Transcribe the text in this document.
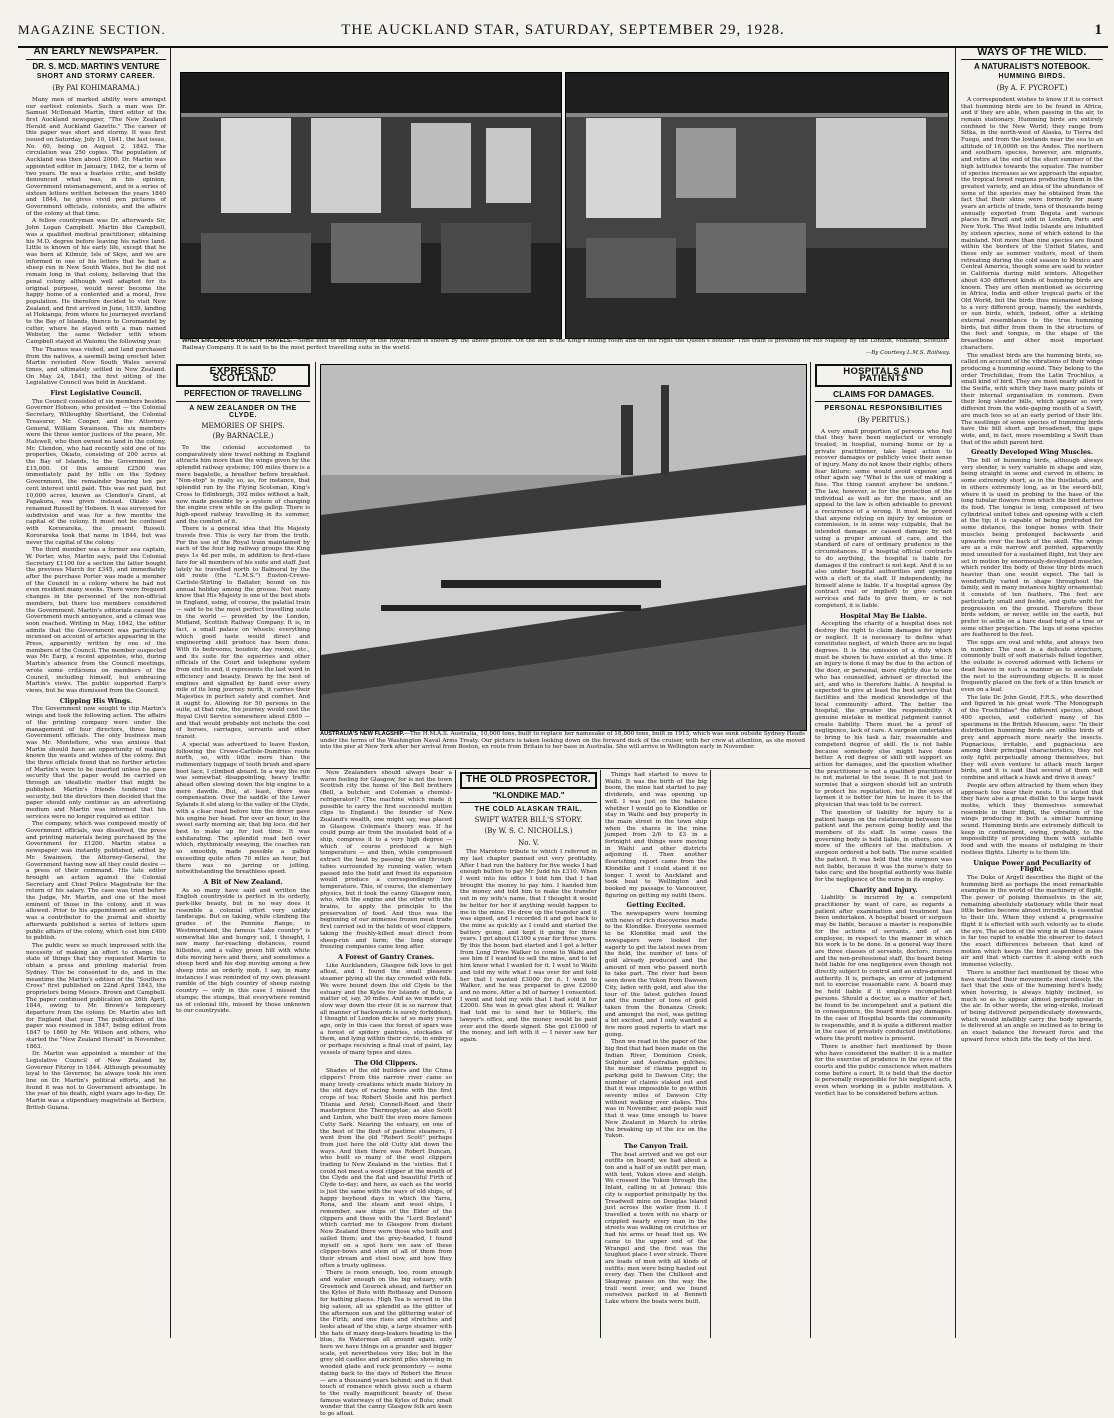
MAGAZINE SECTION.	THE AUCKLAND STAR, SATURDAY, SEPTEMBER 29, 1928.	1
AN EARLY NEWSPAPER.
DR. S. MCD. MARTIN'S VENTURE
SHORT AND STORMY CAREER.
(By PAI KOHIMARAMA.)

Many men of marked ability were amongst our earliest colonists. Such a man was Dr. Samuel McDonald Martin, third editor of the first Auckland newspaper, "The New Zealand Herald and Auckland Gazette." The career of this paper was short and stormy. It was first issued on Saturday, July 10, 1841, the last issue, No. 60, being on August 2, 1842. The circulation was 250 copies. The population of Auckland was then about 2000. Dr. Martin was appointed editor in January, 1842, for a term of two years. He was a fearless critic, and boldly denounced what was, in his opinion, Government mismanagement, and in a series of sixteen letters written between the years 1840 and 1844, he gives vivid pen pictures of Government officials, colonists, and the affairs of the colony at that time.

A fellow countryman was Dr. afterwards Sir, John Logan Campbell. Martin like Campbell, was a qualified medical practitioner, obtaining his M.D. degree before leaving his native land. Little is known of his early life, except that he was born at Kilmuir, Isle of Skye, and we are informed in one of his letters that he had a sheep run in New South Wales, but he did not remain long in that colony, believing that the penal colony although well adapted for its original purpose, would never become the happy home of a contented and a moral, free population. He therefore decided to visit New Zealand, and first arrived in June, 1839, landing at Hokianga, from where he journeyed overland to the Bay of Islands, thence to Coromandel by cutter, where he stayed with a man named Webster, the same Webster with whom Campbell stayed at Waiomu the following year.

The Thames was visited, and land purchased from the natives, a sawmill being erected later. Martin revisited New South Wales several times, and ultimately settled in New Zealand. On May 24, 1841, the first sitting of the Legislative Council was held in Auckland.

First Legislative Council.

The Council consisted of six members besides Governor Hobson, who presided — the Colonial Secretary, Willoughby Shortland, the Colonial Treasurer, Mr. Cooper, and the Attorney-General, William Swainson. The six members were the three senior justices of the peace, Mr. Halswell, who then owned no land in the colony, Mr. Clendon, who had recently sold one of his properties, Okiato, consisting of 200 acres at the Bay of Islands, to the Government for £15,000. Of this amount £2500 was immediately paid by bills on the Sydney Government, the remainder bearing ten per cent interest until paid. This was not paid, but 10,000 acres, known as Clendon's Grant, at Papakura, was given instead. Okiato was renamed Russell by Hobson. It was surveyed for subdivision and was for a few months the capital of the colony. It must not be confused with Kororareka, the present Russell. Kororareka took that name in 1844, but was never the capital of the colony.

The third member was a former sea captain, W. Porter, who, Martin says, paid the Colonial Secretary £1100 for a section the latter bought the previous March for £345, and immediately after the purchase Porter was made a member of the Council in a colony where he had not even resident many weeks. There were frequent changes in the personnel of the non-official members, but there too members considered the Government. Martin's editorials caused the Government much annoyance, and a climax was soon reached. Writing in May, 1842, the editor admits that the Government was particularly incensed on account of articles appearing in the Press, apparently written by one of the members of the Council. The member suspected was Mr. Earp, a recent appointee, who, during Martin's absence from the Council meetings, wrote some criticisms on members of the Council, including himself, but embracing Martin's views. The public supported Earp's views, but he was dismissed from the Council.

Clipping His Wings.

The Government now sought to clip Martin's wings and took the following action. The affairs of the printing company were under the management of four directors, three being Government officials. The only business man was Mr. Montefiore, who was anxious that Martin should have an opportunity of making known the wants and wishes of the colony. But the three officials found that no further articles of Martin's were to be inserted unless he gave security that the paper would be carried on through an idealistic matter that might be published. Martin's friends tendered this security, but the directors then decided that the paper should only continue as an advertising medium and Martin was informed that his services were no longer required as editor.

The company, which was composed mostly of Government officials, was dissolved, the press and printing materials being purchased by the Government for £1200. Martin states a newspaper was instantly published, edited by Mr. Swainson, the Attorney-General, the Government having now all they could desire — a press of their command. His late editor brought an action against the Colonial Secretary and Chief Police Magistrate for the return of his salary. The case was tried before the Judge, Mr. Martin, and one of the most eminent of those in the colony, and it was allowed. Prior to his appointment as editor he was a contributor to the journal and shortly afterwards published a series of letters upon public affairs of the colony, which cost him £400 to publish.

The public were so much impressed with the necessity of making an effort to change the state of things that they requested Martin to obtain a press and printing material from Sydney. This he consented to do, and in the meantime the Martin's edition of the "Southern Cross" first published on 22nd April 1843, the proprietors being Messrs. Brown and Campbell. The paper continued publication on 26th April, 1844, owing to Mr. Brown's temporary departure from the colony. Dr. Martin also left for England that year. The publication of the paper was resumed in 1847, being edited from 1847 to 1860 by Mr. Wilson and others, who started the "New Zealand Herald" in November, 1863.

Dr. Martin was appointed a member of the Legislative Council of New Zealand by Governor Fitzroy in 1844. Although presumably loyal to the Governor, he always took his own line on Dr. Martin's political efforts, and he found it was not to Government advantage. In the year of his death, eight years ago to-day, Dr. Martin was a stipendiary magistrate at Berbice, British Guiana.

WHEN ENGLAND'S ROYALTY TRAVELS.—Some idea of the luxury of the Royal train is shown by the above picture. On the left is the King's sitting room and on the right the Queen's boudoir. This train is provided for His Majesty by the London, Midland, Scottish Railway Company. It is said to be the most perfect travelling suite in the world.
—By Courtesy L.M.S. Railway.
EXPRESS TO SCOTLAND.
PERFECTION OF TRAVELLING
A NEW ZEALANDER ON THE CLYDE.
MEMORIES OF SHIPS.
(By BARNACLE.)

To the colonial accustomed to comparatively slow travel nothing in England attracts him more than the wings given by the splendid railway systems; 100 miles there is a mere bagatelle, a breather before breakfast. "Non-stop" is really so, as, for instance, that splendid run by the Flying Scotsman, King's Cross to Edinburgh, 392 miles without a halt, now made possible by a system of changing the engine crew while on the gallop. There is high-speed railway travelling in its summer, and the comfort of it.

There is a general idea that His Majesty travels free. This is very far from the truth. For the use of the Royal train maintained by each of the four big railway groups the King pays 1s 4d per mile, in addition to first-class fare for all members of his suite and staff. Just lately he travelled north to Balmoral by the old route (the "L.M.S.") Euston-Crewe-Carlisle-Stirling to Ballater, bound on his annual holiday among the grouse. Not many know that His Majesty is one of the best shots in England, using, of course, the palatial train — said to be the most perfect travelling suite in the world — provided by the London, Midland, Scottish Railway Company. It is, in fact, a small palace on wheels; everything which good taste would direct and engineering skill produce has been done. With its bedrooms, boudoir, day rooms, etc., and its suite for the equerries and other officials of the Court and telephone system from end to end, it represents the last word in efficiency and beauty. Drawn by the best of engines and signalled by hand over every mile of its long journey north, it carries their Majesties in perfect safety and comfort. And it ought to. Allowing for 50 persons in the suite, at that rate, the journey would cost the Royal Civil Service somewhere about £800 — and that would probably not include the cost of horses, carriages, servants and other transit.

A special was advertised to leave Euston, following the Crewe-Carlisle-Dumfries route north, so, with little more than the rudimentary luggage of tooth brush and spare boot lace, I climbed aboard. In a way the run was somewhat disappointing, heavy traffic ahead often slowing down the big engine to a mere dawdle. But, at least, there was compensation. Over the saddle of the Lower Sylands it slid along to the valley of the Clyde, with a clear road before him the driver gave his engine her head. For over an hour, in the sweet early morning air, that big loco. did her best to make up for lost time. It was exhilarating. The splendid road bed over which, rhythmically swaying, the coaches ran so smoothly, made possible a gallop exceeding quite often 70 miles an hour, but there was no jarring or jolting, notwithstanding the breathless speed.

A Bit of New Zealand.

As so many have said and written the English countryside is perfect in its orderly, park-like beauty, but in no way does it resemble a colonial effort very untidy landscape. But on taking, while climbing the grades of the Pennine Range, in Westmoreland, the famous "Lake country" is somewhat like and hungry soil, I thought, I saw many far-reaching distances, round hillsides, and a valley green hill with white dots moving here and there, and sometimes a sheep herd and his dog moving among a few sheep into an orderly mob, I say, in many instances I was reminded of my own pleasant ramble of the high country of sheep raising country — only in this case I missed the stumps; the stumps, that everywhere remind us of colonial life, missed by those unknown to our countryside.

New Zealanders should always bear a warm feeling for Glasgow, for is not the town Scottish city the home of the Bell brothers (Bell, a butcher, and Coleman a chemist-refrigerator)? (The machine which made it possible to carry the first successful mutton clips to England.) the founder of New Zealand's wealth, one might say, was placed in Glasgow. Coleman's theory was. If he could pump air from the insulated hold of a ship, compress it to a very high degree — which of course produced a high temperature — and then, while compressed extract the heat by passing the air through tubes surrounded by running water, when passed into the hold and freed its expansion would produce a correspondingly low temperature. This, of course, the elementary physics, but it took the canny Glasgow men, who, with the engine and the other with the brains, to apply the principle to the preservation of food. And thus was the beginning of our immense frozen meat trade first carried out in the holds of wool clippers, taking the freshly-killed meat direct from sheep-run and farm; the long storage freezing companies came long after.

A Forest of Gantry Cranes.

Like Aucklanders, Glasgow folk love to get afloat, and I found the small pleasure steamer plying all the day crowded with folk. We were bound down the old Clyde to the estuary and the Kyles for Islands of Bute, a matter of, say, 30 miles. And as we made our slow way down the river (it is so narrow that all manner of backwards is surely forbidden), I thought of London docks of so many years ago, only in this case the forest of spars was a forest of spidery gantries, stockades of them, and lying within their circle, in embryo or perhaps receiving a final coat of paint, lay vessels of many types and sizes.

The Old Clippers.

Shades of the old builders and the China clippers! From this narrow river came so many lovely creations which made history in the old days of racing home with the first crops of tea; Robert Steele and his perfect Titania and Ariel; Connell-Reed and their masterpiece the Thermopylae; as also Scott and Linton, who built the even more famous Cutty Sark. Nearing the estuary, on one of the best of the fleet of pastime steamers, I went from the old "Robert Scott" perhaps from just here the old Cutty slid down the ways. And then there was Robert Duncan, who built so many of the wool clippers trading to New Zealand in the 'sixties. But I could not meet a wool clipper at the mouth of the Clyde and the flat and beautiful Firth of Clyde to-day; and here, as each as the world is just the same with the ways of old ships, of happy boyhood days in which the Yarra, Rona, and the steam and wool ships, I remember, saw ships of the Elder of the clippers and those with the "Lord Boyland" which carried me to Glasgow from distant New Zealand there were those who built and sailed them; and the grey-headed, I found myself on a spot here we saw of these clipper-bows and stem of all of them from their stream and steel now, and how they often a trusty ugliness.

There is room enough, too, room enough and water enough on the big estuary, with Greenock and Gourock ahead, and farther on the Kyles of Bute with Rothesay and Dunoon for bathing places. High Tea is served in the big saloon, all as splendid as the glitter of the afternoon sun and the glittering water of the Firth; and one rises and stretches and looks ahead of the ship, a large steamer with the hats of many deep-leakers heading to the blue, its Waterman all around again, only here we have things on a grander and bigger scale, yet nevertheless very like; but in the grey old castles and ancient piles showing in wooded glade and rock promontory — some dating back to the days of Robert the Bruce — are a thousand years behind; and in it that touch of romance which gives such a charm to the really magnificent beauty of these famous waterways of the Kyles of Bute; small wonder that the canny Glasgow folk are keen to go afloat.

AUSTRALIA'S NEW FLAGSHIP.—The H.M.A.S. Australia, 10,000 tons, built to replace her namesake of 18,800 tons, built in 1913, which was sunk outside Sydney Heads under the terms of the Washington Naval Arms Treaty. Our picture is taken looking down on the forward deck of the cruiser, with her crew at attention, as she moved into the pier at New York after her arrival from Boston, en route from Britain to her base in Australia. She will arrive in Wellington early in November.
THE OLD PROSPECTOR.
"KLONDIKE MAD."
THE COLD ALASKAN TRAIL.
SWIFT WATER BILL'S STORY.
(By W. S. C. NICHOLLS.)
No. V.

The Marotoro tribute to which I referred in my last chapter panned out very profitably. After I had run the battery for five weeks I had enough bullion to pay Mr. Judd his £310. When I went into his office I told him that I had brought the money to pay him. I handed him the money and told him to make the transfer out in my wife's name, that I thought it would be better for her if anything would happen to me in the mine. He drew up the transfer and it was signed, and I recorded it and got back to the mine as quickly as I could and started the battery going, and kept it going for three years. I got about £1300 a year for three years. By this the boom had started and I got a letter from Long Drive Walker to come to Waihi and see him if I wanted to sell the mine, and to let him know what I wanted for it. I went to Waihi and told my wife what I was over for and told her that I wanted £3000 for it. I went to Walker, and he was prepared to give £2000 and no more. After a bit of barney I consented. I went and told my wife that I had sold it for £2000. She was in great glee about it. Walker had told me to send her to Miller's, the lawyer's office, and the money would be paid over and the deeds signed. She got £1000 of the money, and left with it — I never saw her again.

Things had started to move to Waihi. It was the birth of the big boom, the mine had started to pay dividends, and was opening up well. I was just on the balance whether I would go to Klondike or stay in Waihi and buy property in the main street in the town ship when the shares in the mine jumped from 2/6 to £3 in a fortnight and things were moving in Waihi and other districts adjoining it. Then another flourishing report came from the Klondike and I could stand it no longer. I went to Auckland and took boat to Wellington and booked my passage to Vancouver, figuring on getting my outfit there.

Getting Excited.

The newspapers were teeming with news of rich discoveries made to the Klondike. Everyone seemed to be Klondike mad and the newspapers were looked for eagerly to get the latest news from the field, the number of tons of gold already produced and the amount of men who passed north to take part. The river had been seen down the Yukon from Dawson City, laden with gold, and also the tour of the latest gulches found and the number of tons of gold taken from the Bonanza Creek; and amongst the rest, was getting a bit excited, and I only wanted a few more good reports to start me going.

Then we read in the paper of the big find that had been made on the Indian River, Dominion Creek, Sulphur and Australian gulches; the number of claims pegged in parking gold to Dawson City; the number of claims staked out and that it was impossible to go within seventy miles of Dawson City without walking over stakes. This was in November, and people said that it was time enough to leave New Zealand in March to strike the breaking up of the ice on the Yukon.

The Canyon Trail.

The boat arrived and we got our outfits on board; we had about a ton and a half of an outfit per man, with tent, Yukon stove and sleigh. We crossed the Yukon through the Inlaid, calling in at Juneau; this city is supported principally by the Treadwell mine on Douglas Island just across the water from it. I travelled a town with no sharp or crippled nearly every man in the streets was walking on crutches or had his arms or head tied up. We came to the upper end of the Wrangel and the first was the toughest place I ever struck. There are loads of men with all kinds of outfits; men were being hauled out every day. Then the Chilkoot and Skagway passes on the way the trail went over, and we found ourselves packed in at Bennett Lake where the boats were built.

HOSPITALS AND PATIENTS
CLAIMS FOR DAMAGES.
PERSONAL RESPONSIBILITIES
(By PERITUS.)

A very small proportion of persons who feel that they have been neglected or wrongly treated, in hospital, nursing home or by a private practitioner, take legal action to recover damages or publicly voice their sense of injury. Many do not know their rights; others fear failure; some would avoid expense and other again say "What is the use of making a fuss. The thing cannot anyhow be undone." The law, however, is for the protection of the individual as well as for the mass, and an appeal to the law is often advisable to prevent a recurrence of a wrong. It must be proved that anyone relying on injury by omission or commission, is in some way culpable, that he intended damage or caused damage by not using a proper amount of care, and the standard of care of ordinary prudence in the circumstances. If a hospital official contracts to do anything, the hospital is liable for damages if the contract is not kept. And it is so also under hospital authorities and opening with a cleft of its staff. If independently, he himself alone is liable. If a hospital agrees (by contract real or implied) to give certain services and fails to give them, or is not competent, it is liable.

Hospital May Be Liable.

Accepting the charity of a hospital does not destroy the right to claim damages for injury or neglect. It is necessary to define what constitutes neglect, of which there are no legal degrees. It is the omission of a duty which must be shown to have existed at the time. If an injury is done it may be due to the action of the door, or personal, more rightly due to one who has counselled, advised or directed the act, and who is therefore liable. A hospital is expected to give at least the best service that facilities and the medical knowledge of the local community afford. The better the hospital, the greater the responsibility. A genuine mistake in medical judgment cannot create liability. There must be a proof of negligence, lack of care. A surgeon undertakes to bring to his task a fair, reasonable and competent degree of skill. He is not liable because somebody else might have done better. A rod degree of skill will support an action for damages, and the question whether the practitioner is not a qualified practitioner is not material to the issue. It is not just to surmise that a surgeon should tell an untruth to protect his reputation, but in the eyes of laymen it is better for him to leave it to the physician that was told to be correct.

The question of liability for injury to a patient hangs on the relationship between the patient and the person going bodily and the members of its staff. In some cases the governing body is held liable, in others, one or more of the officers of the institution. A surgeon ordered a hot bath. The nurse scalded the patient. It was held that the surgeon was not liable, because it was the nurse's duty to take care; and the hospital authority was liable for the negligence of the nurse in its employ.

Charity and Injury.

Liability is incurred by a competent practitioner by want of care, as regards a patient after examination and treatment has been undertaken. A hospital board or surgeon may be liable, because a master is responsible for the actions of servants, and of an employee, in respect to the manner in which his work is to be done. In a general way there are three classes of servants, doctors, nurses and the non-professional staff, the board being held liable for one negligence even though not directly subject to control and an extra-general authority. It is, perhaps, an error of judgment not to exercise reasonable care. A board may be held liable if it employs incompetent persons. Should a doctor, as a matter of fact, be found to be incompetent and a patient die in consequence, the board must pay damages. In the case of Hospital boards the community is responsible, and it is quite a different matter in the case of privately conducted institutions, where the profit motive is present.

There is another fact mentioned by those who have considered the matter: it is a matter for the exercise of prudence in the eyes of the courts and the public conscience when matters come before a court. It is held that the doctor is personally responsible for his negligent acts, even when working in a public institution. A verdict has to be considered before action.

WAYS OF THE WILD.
A NATURALIST'S NOTEBOOK.
HUMMING BIRDS.
(By A. F. PYCROFT.)

A correspondent wishes to know if it is correct that humming birds are to be found in Africa, and if they are able, when passing in the air, to remain stationary. Humming birds are entirely confined to the New World; they range from Sitka, in the north-west of Alaska, to Tierra del Fuego, and from the lowlands near the sea to an altitude of 16,000ft on the Andes. The northern and southern species, however, are migrants, and retire at the end of the short summer of the high latitudes towards the equator. The number of species increases as we approach the equator, the tropical forest regions producing them in the greatest variety, and an idea of the abundance of some of the species may be obtained from the fact that their skins were formerly for many years an article of trade, tens of thousands being annually exported from Bogota and various places in Brazil and sold in London, Paris and New York. The West India Islands are inhabited by sixteen species, none of which extend to the mainland. Not more than nine species are found within the borders of the United States, and these only as summer visitors, most of them retreating during the cold season to Mexico and Central America, though some are said to winter in California during mild winters. Altogether about 430 different kinds of humming birds are known. They are often mentioned as occurring in Africa, India and other tropical parts of the Old World, but the birds thus misnamed belong to a very different group, namely, the sunbirds, or sun birds, which, indeed, offer a striking external resemblance to the true humming birds, but differ from them in the structure of the feet and tongue, in the shape of the breastbone and other most important characters.

The smallest birds are the humming birds, so-called on account of the vibrations of their wings producing a humming sound. They belong to the order Trochilidae, from the Latin Trochilus, a small kind of bird. They are most nearly allied to the Swifts, with which they have many points of their internal organisation in common. Even their long slender bills, which appear so very different from the wide-gaping mouth of a Swift, are much less so at an early period of their life. The nestlings of some species of humming birds have the bill short and broadened, the gape wide, and, in fact, more resembling a Swift than that of the adult parent bird.

Greatly Developed Wing Muscles.

The bill of humming birds, although always very slender, is very variable in shape and size, being straight in some and curved in others; in some extremely short, as in the thistletails, and in others extremely long, as in the sword-bill, where it is used in probing to the base of the long tubular flowers from which the bird derives its food. The tongue is long, composed of two cylindrical united tubes and opening with a cleft at the tip; it is capable of being protruded for some distance, the tongue bones with their muscles being prolonged backwards and upwards over the back of the skull. The wings are as a rule narrow and pointed, apparently most unsuited for a sustained flight, but they are set in motion by enormously-developed muscles, which render the body of these tiny birds much heavier than one would expect. The tail is wonderfully varied in shape throughout the family, and in many instances highly ornamental; it consists of ten feathers. The feet are particularly small and feeble, and quite unfit for progression on the ground. Therefore these birds seldom, or never, settle on the earth, but prefer to settle on a bare dead twig of a tree or some other projection. The legs of some species are feathered to the feet.

The eggs are oval and white, and always two in number. The nest is a delicate structure, commonly built of soft materials felted together, the outside is covered adorned with lichens or dead leaves in such a manner as to assimilate the nest to the surrounding objects. It is most frequently placed on the fork of a thin branch or even on a leaf.

The late Dr. John Gould, F.R.S., who described and figured in his great work "The Monograph of the Trochilidae" the different species, about 400 species, and collected many of his specimens in the British Museum, says: "In their distribution humming birds are unlike birds of prey and approach more nearly the insects. Pugnacious, irritable, and pugnacious are among their principal characteristics, they not only fight perpetually among themselves, but they will even venture to attack much larger birds, and it is said that several of them will combine and attack a hawk and drive it away."

People are often attracted by them when they approach too near their nests. It is stated that they have also a great dislike to the large hawk moths, which they themselves somewhat resemble in their flight, the vibration of the wings producing in both a similar humming sound. Humming birds are extremely difficult to keep in confinement, owing, probably, to the impossibility of providing them with suitable food and with the means of indulging in their restless flights. Liberty is to them life.

Unique Power and Peculiarity of Flight.

The Duke of Argyll describes the flight of the humming bird as perhaps the most remarkable examples in the world of the machinery of flight. The power of poising themselves in the air, remaining absolutely stationary while their neat little bodies become almost invisible, is essential to their life. When they extend a progressive flight it is effected with such velocity as to elude the eye. The action of the wing in all these cases is far too rapid to enable the observer to detect the exact differences between that kind of motion which keeps the bird suspended in the air and that which carries it along with such immense velocity.

There is another fact mentioned by those who have watched their movements most closely, the fact that the axis of the humming bird's body, when hovering, is always highly inclined, so much so as to appear almost perpendicular in the air. In other words, the wing-stroke, instead of being delivered perpendicularly downwards, which would infallibly carry the body upwards, is delivered at an angle so inclined as to bring to an exact balance the forward force and the upward force which lifts the body of the bird.
